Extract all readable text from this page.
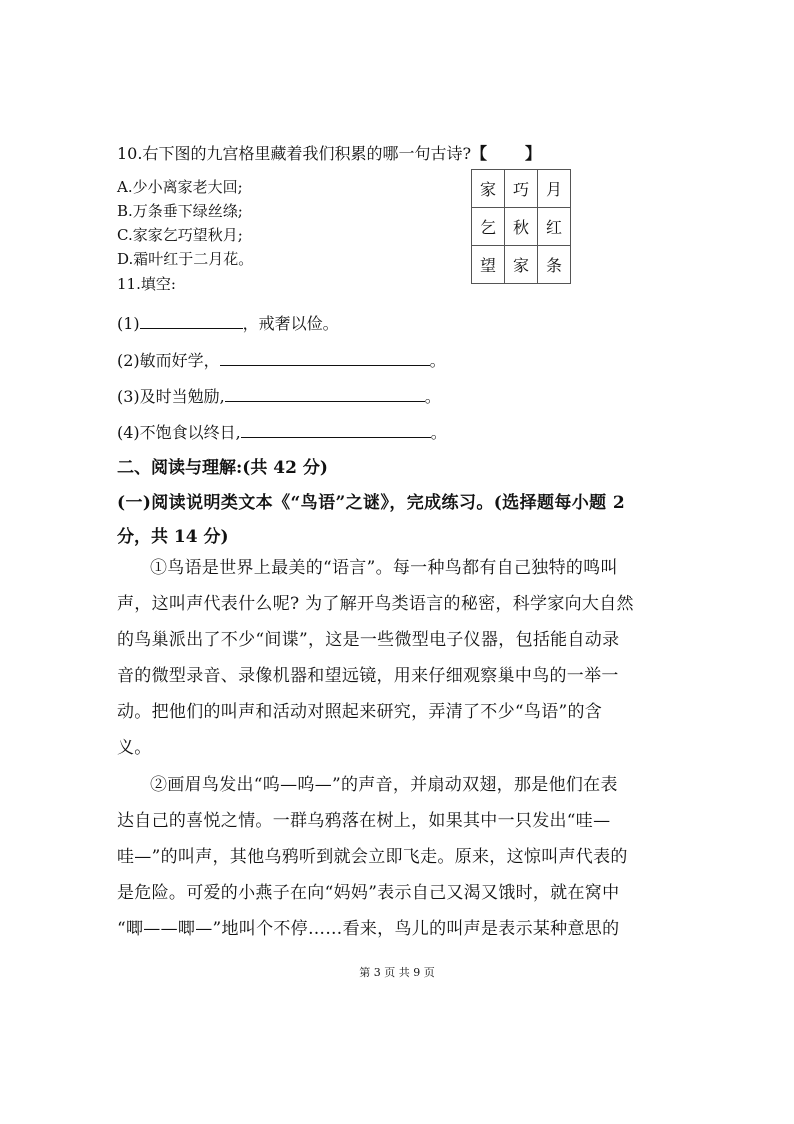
10.右下图的九宫格里藏着我们积累的哪一句古诗?【 】
A.少小离家老大回;
B.万条垂下绿丝绦;
C.家家乞巧望秋月;
D.霜叶红于二月花。
家	巧	月
乞	秋	红
望	家	条
11.填空:
(1)	，戒奢以俭。
(2)敏而好学，	。
(3)及时当勉励,	。
(4)不饱食以终日,	。
二、阅读与理解:(共 42 分)
(一)阅读说明类文本《“鸟语”之谜》，完成练习。(选择题每小题 2
分，共 14 分)
①鸟语是世界上最美的“语言”。每一种鸟都有自己独特的鸣叫
声，这叫声代表什么呢? 为了解开鸟类语言的秘密，科学家向大自然
的鸟巢派出了不少“间谍”，这是一些微型电子仪器，包括能自动录
音的微型录音、录像机器和望远镜，用来仔细观察巢中鸟的一举一
动。把他们的叫声和活动对照起来研究，弄清了不少“鸟语”的含
义。
②画眉鸟发出“呜—呜—”的声音，并扇动双翅，那是他们在表
达自己的喜悦之情。一群乌鸦落在树上，如果其中一只发出“哇—
哇—”的叫声，其他乌鸦听到就会立即飞走。原来，这惊叫声代表的
是危险。可爱的小燕子在向“妈妈”表示自己又渴又饿时，就在窝中
“唧——唧—”地叫个不停……看来，鸟儿的叫声是表示某种意思的
第 3 页 共 9 页
